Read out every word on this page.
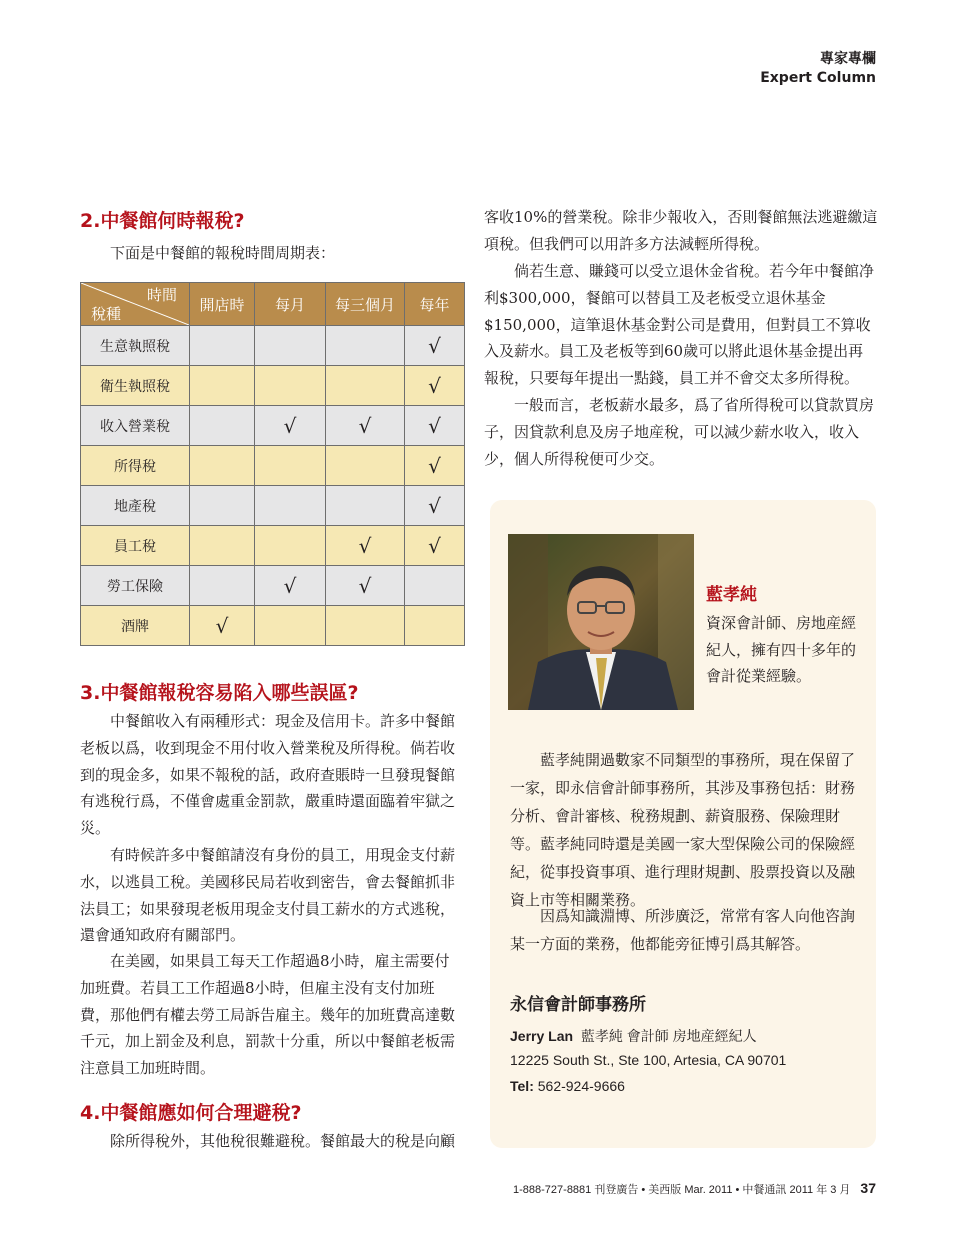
專家專欄
Expert Column
2.中餐館何時報稅?

下面是中餐館的報稅時間周期表：

時間
稅種	開店時	每月	每三個月	每年
生意執照稅				√
衛生執照稅				√
收入營業稅		√	√	√
所得稅				√
地產稅				√
員工稅			√	√
勞工保險		√	√	
酒牌	√			
3.中餐館報稅容易陷入哪些誤區?

中餐館收入有兩種形式：現金及信用卡。許多中餐館老板以爲，收到現金不用付收入營業稅及所得稅。倘若收到的現金多，如果不報稅的話，政府查賬時一旦發現餐館有逃稅行爲，不僅會處重金罰款，嚴重時還面臨着牢獄之災。

有時候許多中餐館請沒有身份的員工，用現金支付薪水，以逃員工稅。美國移民局若收到密告，會去餐館抓非法員工；如果發現老板用現金支付員工薪水的方式逃稅，還會通知政府有關部門。

在美國，如果員工每天工作超過8小時，雇主需要付加班費。若員工工作超過8小時，但雇主没有支付加班費，那他們有權去勞工局訴告雇主。幾年的加班費高達數千元，加上罰金及利息，罰款十分重，所以中餐館老板需注意員工加班時間。

4.中餐館應如何合理避稅?

除所得稅外，其他稅很難避稅。餐館最大的稅是向顧

客收10%的營業稅。除非少報收入，否則餐館無法逃避繳這項稅。但我們可以用許多方法減輕所得稅。

倘若生意、賺錢可以受立退休金省稅。若今年中餐館净利$300,000，餐館可以替員工及老板受立退休基金$150,000，這筆退休基金對公司是費用，但對員工不算收入及薪水。員工及老板等到60歲可以將此退休基金提出再報稅，只要每年提出一點錢，員工并不會交太多所得稅。

一般而言，老板薪水最多，爲了省所得稅可以貸款買房子，因貸款利息及房子地産稅，可以減少薪水收入，收入少，個人所得稅便可少交。

藍孝純

資深會計師、房地産經紀人，擁有四十多年的會計從業經驗。

藍孝純開過數家不同類型的事務所，現在保留了一家，即永信會計師事務所，其涉及事務包括：財務分析、會計審核、稅務規劃、薪資服務、保險理財等。藍孝純同時還是美國一家大型保險公司的保險經紀，從事投資事項、進行理財規劃、股票投資以及融資上市等相關業務。

因爲知識淵博、所涉廣泛，常常有客人向他咨詢某一方面的業務，他都能旁征博引爲其解答。

永信會計師事務所

Jerry Lan 藍孝純 會計師 房地産經紀人

12225 South St., Ste 100, Artesia, CA 90701

Tel: 562-924-9666

1-888-727-8881 刊登廣告 • 美西版 Mar. 2011 • 中餐通訊 2011 年 3 月 37
